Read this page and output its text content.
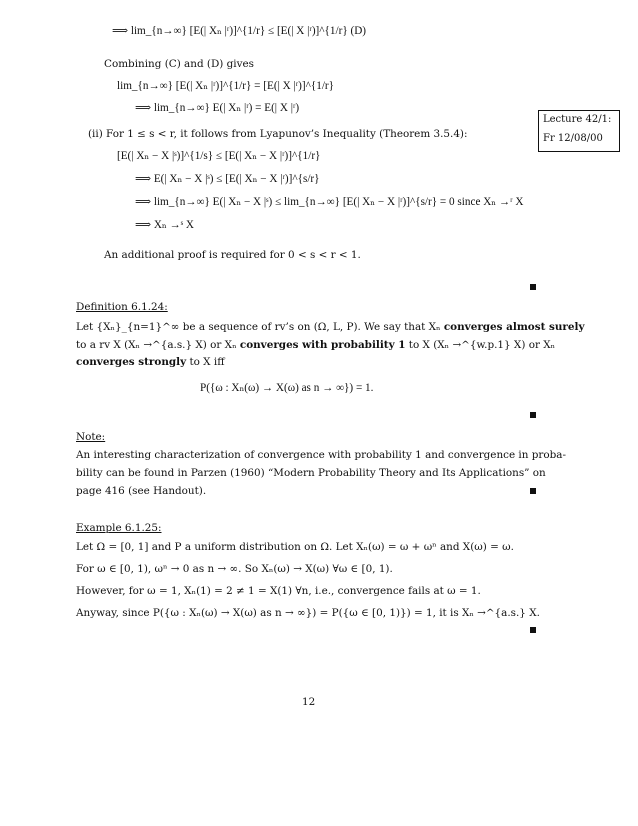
⟹ lim_{n→∞} [E(| Xₙ |ʳ)]^{1/r} ≤ [E(| X |ʳ)]^{1/r} (D)
Combining (C) and (D) gives
lim_{n→∞} [E(| Xₙ |ʳ)]^{1/r} = [E(| X |ʳ)]^{1/r}
⟹ lim_{n→∞} E(| Xₙ |ʳ) = E(| X |ʳ)
Lecture 42/1:
Fr 12/08/00
(ii) For 1 ≤ s < r, it follows from Lyapunov’s Inequality (Theorem 3.5.4):
[E(| Xₙ − X |ˢ)]^{1/s} ≤ [E(| Xₙ − X |ʳ)]^{1/r}
⟹ E(| Xₙ − X |ˢ) ≤ [E(| Xₙ − X |ʳ)]^{s/r}
⟹ lim_{n→∞} E(| Xₙ − X |ˢ) ≤ lim_{n→∞} [E(| Xₙ − X |ʳ)]^{s/r} = 0 since Xₙ →ʳ X
⟹ Xₙ →ˢ X
An additional proof is required for 0 < s < r < 1.
Definition 6.1.24:
Let {Xₙ}_{n=1}^∞ be a sequence of rv’s on (Ω, L, P). We say that Xₙ converges almost surely
to a rv X (Xₙ →^{a.s.} X) or Xₙ converges with probability 1 to X (Xₙ →^{w.p.1} X) or Xₙ
converges strongly to X iff
P({ω : Xₙ(ω) → X(ω) as n → ∞}) = 1.
Note:
An interesting characterization of convergence with probability 1 and convergence in proba-
bility can be found in Parzen (1960) “Modern Probability Theory and Its Applications” on
page 416 (see Handout).
Example 6.1.25:
Let Ω = [0, 1] and P a uniform distribution on Ω. Let Xₙ(ω) = ω + ωⁿ and X(ω) = ω.
For ω ∈ [0, 1), ωⁿ → 0 as n → ∞. So Xₙ(ω) → X(ω) ∀ω ∈ [0, 1).
However, for ω = 1, Xₙ(1) = 2 ≠ 1 = X(1) ∀n, i.e., convergence fails at ω = 1.
Anyway, since P({ω : Xₙ(ω) → X(ω) as n → ∞}) = P({ω ∈ [0, 1)}) = 1, it is Xₙ →^{a.s.} X.
12
